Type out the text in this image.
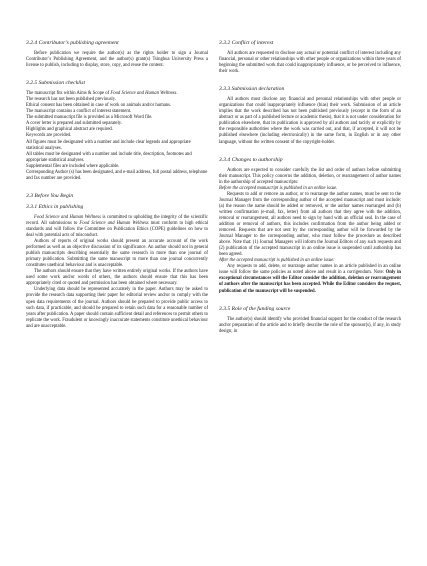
3.2.4 Contributor’s publishing agreement

Before publication we require the author(s) as the rights holder to sign a Journal Contributor’s Publishing Agreement, and the author(s) grant(s) Tsinghua University Press a license to publish, including to display, store, copy, and reuse the content.

3.2.5 Submission checklist

The manuscript fits within Aims & Scope of Food Science and Human Wellness.

The research has not been published previously.

Ethical consent has been obtained in case of work on animals and/or humans.

The manuscript contains a conflict of interest statement.

The submitted manuscript file is provided as a Microsoft Word file.

A cover letter is prepared and submitted separately.

Highlights and graphical abstract are required.

Keywords are provided.

All figures must be designated with a number and include clear legends and appropriate statistical analyses.

All tables must be designated with a number and include title, description, footnotes and appropriate statistical analyses.

Supplemental files are included where applicable.

Corresponding Author (s) has been designated, and e-mail address, full postal address, telephone and fax number are provided.

3.3 Before You Begin

3.3.1 Ethics in publishing

Food Science and Human Wellness is committed to upholding the integrity of the scientific record. All submissions to Food Science and Human Wellness must conform to high ethical standards and will follow the Committee on Publication Ethics (COPE) guidelines on how to deal with potential acts of misconduct.

Authors of reports of original works should present an accurate account of the work performed as well as an objective discussion of its significance. An author should not in general publish manuscripts describing essentially the same research in more than one journal of primary publication. Submitting the same manuscript to more than one journal concurrently constitutes unethical behaviour and is unacceptable.

The authors should ensure that they have written entirely original works. If the authors have used some work and/or words of others, the authors should ensure that this has been appropriately cited or quoted and permission has been obtained where necessary.

Underlying data should be represented accurately in the paper. Authors may be asked to provide the research data supporting their paper for editorial review and/or to comply with the open data requirements of the journal. Authors should be prepared to provide public access to such data, if practicable, and should be prepared to retain such data for a reasonable number of years after publication. A paper should contain sufficient detail and references to permit others to replicate the work. Fraudulent or knowingly inaccurate statements constitute unethical behaviour and are unacceptable.

3.3.2 Conflict of interest

All authors are requested to disclose any actual or potential conflict of interest including any financial, personal or other relationships with other people or organizations within three years of beginning the submitted work that could inappropriately influence, or be perceived to influence, their work.

3.3.3 Submission declaration

All authors must disclose any financial and personal relationships with other people or organizations that could inappropriately influence (bias) their work. Submission of an article implies that the work described has not been published previously (except in the form of an abstract or as part of a published lecture or academic thesis), that it is not under consideration for publication elsewhere, that its publication is approved by all authors and tacitly or explicitly by the responsible authorities where the work was carried out, and that, if accepted, it will not be published elsewhere (including electronically) in the same form, in English or in any other language, without the written consent of the copyright-holder.

3.3.4 Changes to authorship

Authors are expected to consider carefully the list and order of authors before submitting their manuscript. This policy concerns the addition, deletion, or rearrangement of author names in the authorship of accepted manuscripts:

Before the accepted manuscript is published in an online issue.

Requests to add or remove an author, or to rearrange the author names, must be sent to the Journal Manager from the corresponding author of the accepted manuscript and must include: (a) the reason the name should be added or removed, or the author names rearranged and (b) written confirmation (e-mail, fax, letter) from all authors that they agree with the addition, removal or rearrangement, all authors need to sign by hand with an official seal. In the case of addition or removal of authors, this includes confirmation from the author being added or removed. Requests that are not sent by the corresponding author will be forwarded by the Journal Manager to the corresponding author, who must follow the procedure as described above. Note that: (1) Journal Managers will inform the Journal Editors of any such requests and (2) publication of the accepted manuscript in an online issue is suspended until authorship has been agreed.

After the accepted manuscript is published in an online issue:

Any requests to add, delete, or rearrange author names in an article published in an online issue will follow the same policies as noted above and result in a corrigendum. Note: Only in exceptional circumstances will the Editor consider the addition, deletion or rearrangement of authors after the manuscript has been accepted. While the Editor considers the request, publication of the manuscript will be suspended.

3.3.5 Role of the funding source

The author(s) should identify who provided financial support for the conduct of the research and/or preparation of the article and to briefly describe the role of the sponsor(s), if any, in study design; in
